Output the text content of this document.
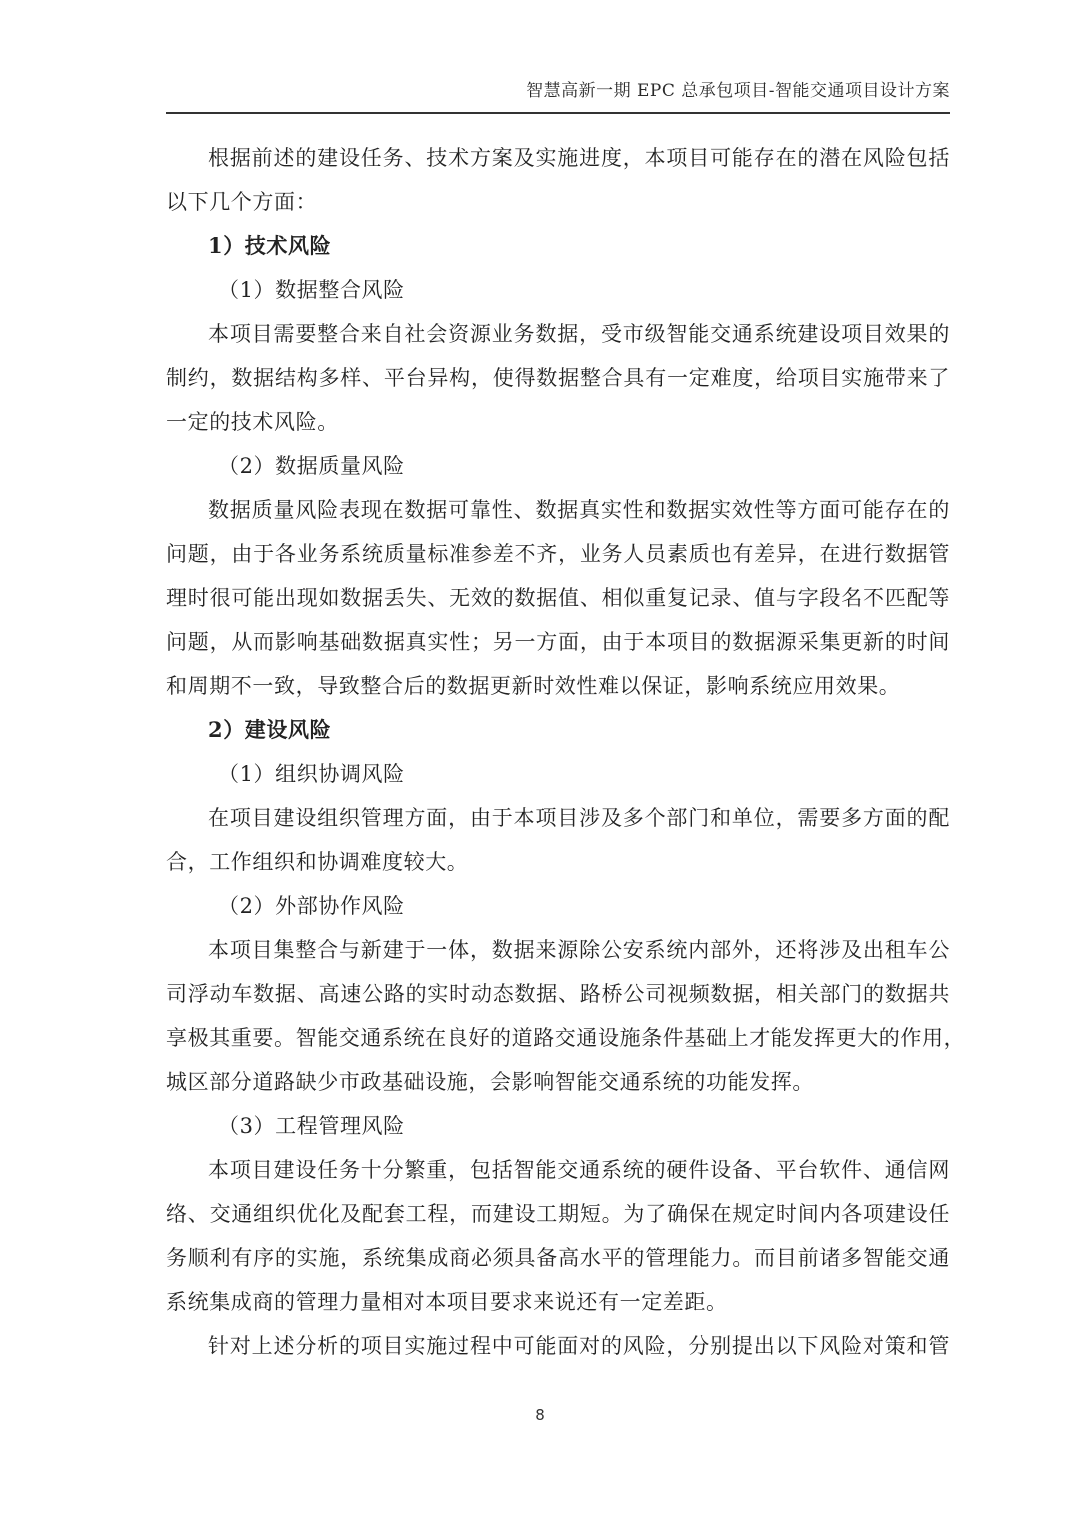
智慧高新一期 EPC 总承包项目-智能交通项目设计方案
根据前述的建设任务、技术方案及实施进度，本项目可能存在的潜在风险包括
以下几个方面：
1）技术风险
（1）数据整合风险
本项目需要整合来自社会资源业务数据，受市级智能交通系统建设项目效果的
制约，数据结构多样、平台异构，使得数据整合具有一定难度，给项目实施带来了
一定的技术风险。
（2）数据质量风险
数据质量风险表现在数据可靠性、数据真实性和数据实效性等方面可能存在的
问题，由于各业务系统质量标准参差不齐，业务人员素质也有差异，在进行数据管
理时很可能出现如数据丢失、无效的数据值、相似重复记录、值与字段名不匹配等
问题，从而影响基础数据真实性；另一方面，由于本项目的数据源采集更新的时间
和周期不一致，导致整合后的数据更新时效性难以保证，影响系统应用效果。
2）建设风险
（1）组织协调风险
在项目建设组织管理方面，由于本项目涉及多个部门和单位，需要多方面的配
合，工作组织和协调难度较大。
（2）外部协作风险
本项目集整合与新建于一体，数据来源除公安系统内部外，还将涉及出租车公
司浮动车数据、高速公路的实时动态数据、路桥公司视频数据，相关部门的数据共
享极其重要。智能交通系统在良好的道路交通设施条件基础上才能发挥更大的作用，
城区部分道路缺少市政基础设施，会影响智能交通系统的功能发挥。
（3）工程管理风险
本项目建设任务十分繁重，包括智能交通系统的硬件设备、平台软件、通信网
络、交通组织优化及配套工程，而建设工期短。为了确保在规定时间内各项建设任
务顺利有序的实施，系统集成商必须具备高水平的管理能力。而目前诸多智能交通
系统集成商的管理力量相对本项目要求来说还有一定差距。
针对上述分析的项目实施过程中可能面对的风险，分别提出以下风险对策和管
8
